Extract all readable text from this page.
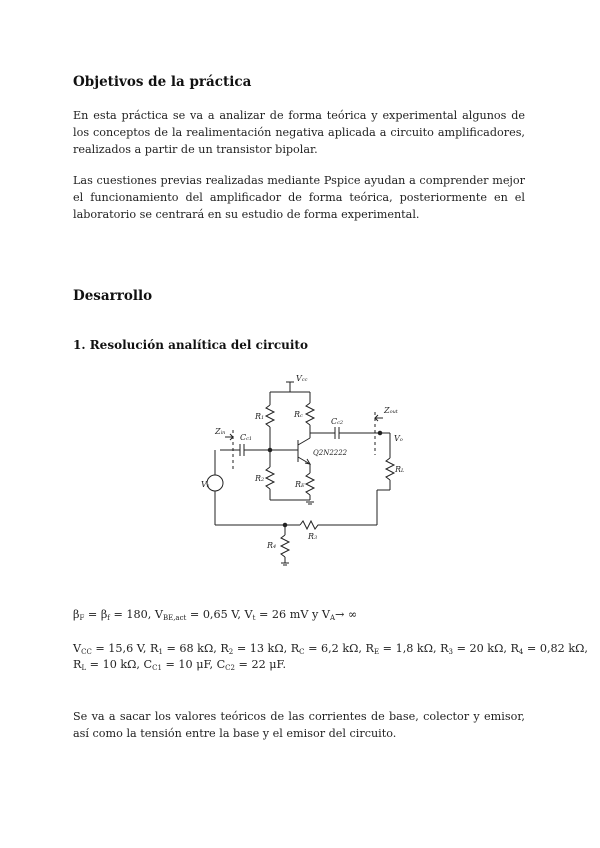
Objetivos de la práctica
En esta práctica se va a analizar de forma teórica y experimental algunos de los conceptos de la realimentación negativa aplicada a circuito amplificadores, realizados a partir de un transistor bipolar.
Las cuestiones previas realizadas mediante Pspice ayudan a comprender mejor el funcionamiento del amplificador de forma teórica, posteriormente en el laboratorio se centrará en su estudio de forma experimental.
Desarrollo
1. Resolución analítica del circuito
Vcc
R1	Rc
Cc2
Zout
Vo
Zin Cc1
Q2N2222
R2	RE
RL
Vs
R3
R4
$\beta_F = \beta_f = 180$, $V_{BE,act} = 0,65$ V, $V_t = 26$ mV y $V_A\to$ ∞
$V_{CC} = 15,6$ V, $R_1 = 68$ kΩ, $R_2 = 13$ kΩ, $R_C = 6,2$ kΩ, $R_E = 1,8$ kΩ, $R_3 = 20$ kΩ, $R_4 = 0,82$ kΩ,
$R_L = 10$ kΩ, $C_{C1} = 10$ μF, $C_{C2} = 22$ μF.
Se va a sacar los valores teóricos de las corrientes de base, colector y emisor, así como la tensión entre la base y el emisor del circuito.
